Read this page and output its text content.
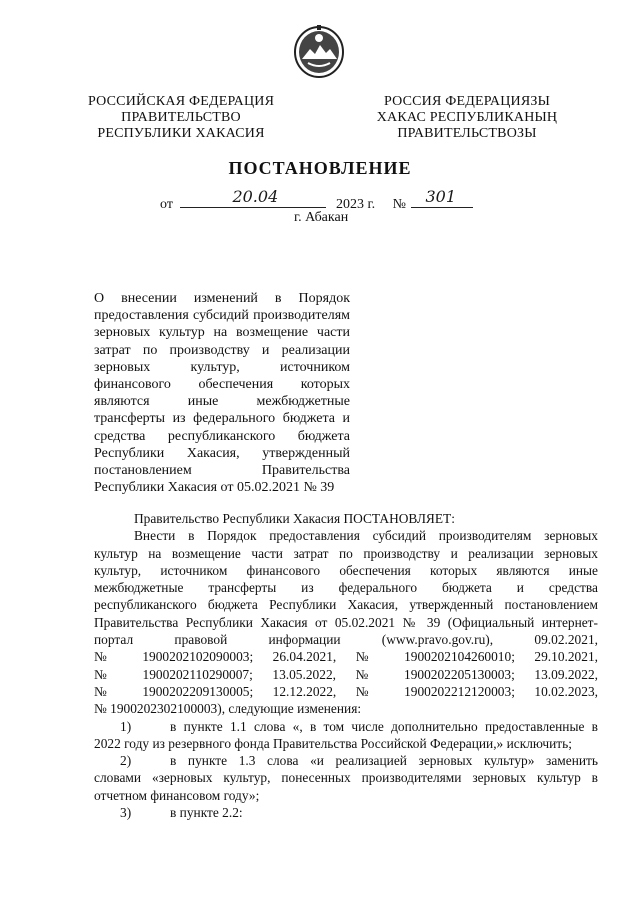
РОССИЙСКАЯ ФЕДЕРАЦИЯ
ПРАВИТЕЛЬСТВО
РЕСПУБЛИКИ ХАКАСИЯ
РОССИЯ ФЕДЕРАЦИЯЗЫ
ХАКАС РЕСПУБЛИКАНЫҢ
ПРАВИТЕЛЬСТВОЗЫ
ПОСТАНОВЛЕНИЕ
от	20.04	2023 г. № 301
г. Абакан
О внесении изменений в Порядок
предоставления субсидий производителям
зерновых культур на возмещение части
затрат по производству и реализации
зерновых культур, источником
финансового обеспечения которых
являются иные межбюджетные
трансферты из федерального бюджета и
средства республиканского бюджета
Республики Хакасия, утвержденный
постановлением Правительства
Республики Хакасия от 05.02.2021 № 39
Правительство Республики Хакасия ПОСТАНОВЛЯЕТ:
Внести в Порядок предоставления субсидий производителям зерновых
культур на возмещение части затрат по производству и реализации зерновых
культур, источником финансового обеспечения которых являются иные
межбюджетные трансферты из федерального бюджета и средства
республиканского бюджета Республики Хакасия, утвержденный постановлением
Правительства Республики Хакасия от 05.02.2021 № 39 (Официальный интернет-
портал правовой информации (www.pravo.gov.ru), 09.02.2021,
№ 1900202102090003; 26.04.2021, № 1900202104260010; 29.10.2021,
№ 1900202110290007; 13.05.2022, № 1900202205130003; 13.09.2022,
№ 1900202209130005; 12.12.2022, № 1900202212120003; 10.02.2023,
№ 1900202302100003), следующие изменения:
1)	в пункте 1.1 слова «, в том числе дополнительно предоставленные в
2022 году из резервного фонда Правительства Российской Федерации,» исключить;
2)	в пункте 1.3 слова «и реализацией зерновых культур» заменить
словами «зерновых культур, понесенных производителями зерновых культур в
отчетном финансовом году»;
3)	в пункте 2.2:
